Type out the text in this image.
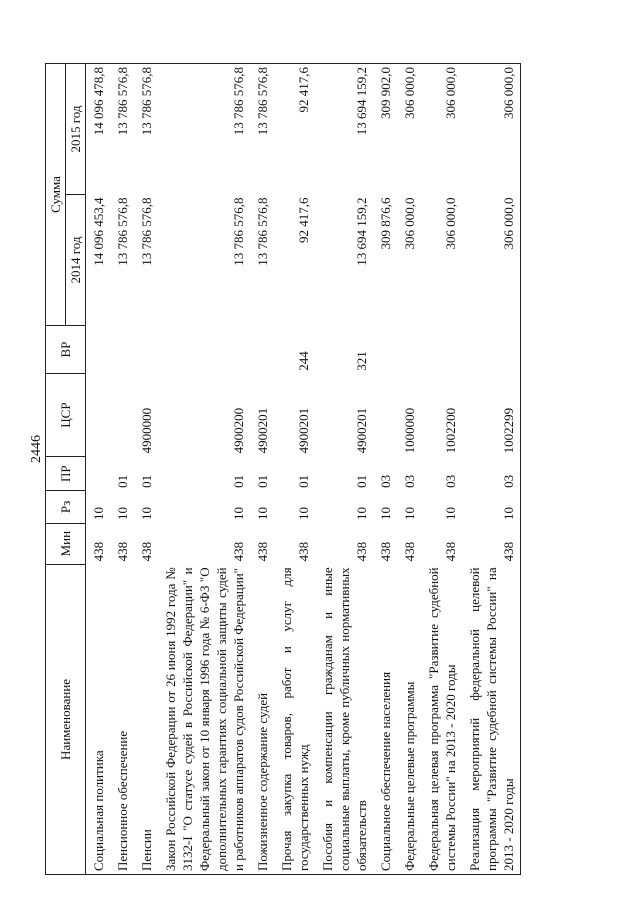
2446
Наименование	Мин	Рз	ПР	ЦСР	ВР	Сумма	
						2014 год	2015 год
Социальная политика	438	10				14 096 453,4	14 096 478,8
Пенсионное обеспечение	438	10	01			13 786 576,8	13 786 576,8
Пенсии	438	10	01	4900000		13 786 576,8	13 786 576,8
Закон Российской Федерации от 26 июня 1992 года № 3132-I "О статусе судей в Российской Федерации" и Федеральный закон от 10 января 1996 года № 6-ФЗ "О дополнительных гарантиях социальной защиты судей и работников аппаратов судов Российской Федерации"	438	10	01	4900200		13 786 576,8	13 786 576,8
Пожизненное содержание судей	438	10	01	4900201		13 786 576,8	13 786 576,8
Прочая закупка товаров, работ и услуг для государственных нужд	438	10	01	4900201	244	92 417,6	92 417,6
Пособия и компенсации гражданам и иные социальные выплаты, кроме публичных нормативных обязательств	438	10	01	4900201	321	13 694 159,2	13 694 159,2
Социальное обеспечение населения	438	10	03			309 876,6	309 902,0
Федеральные целевые программы	438	10	03	1000000		306 000,0	306 000,0
Федеральная целевая программа "Развитие судебной системы России" на 2013 - 2020 годы	438	10	03	1002200		306 000,0	306 000,0
Реализация мероприятий федеральной целевой программы "Развитие судебной системы России" на 2013 - 2020 годы	438	10	03	1002299		306 000,0	306 000,0
